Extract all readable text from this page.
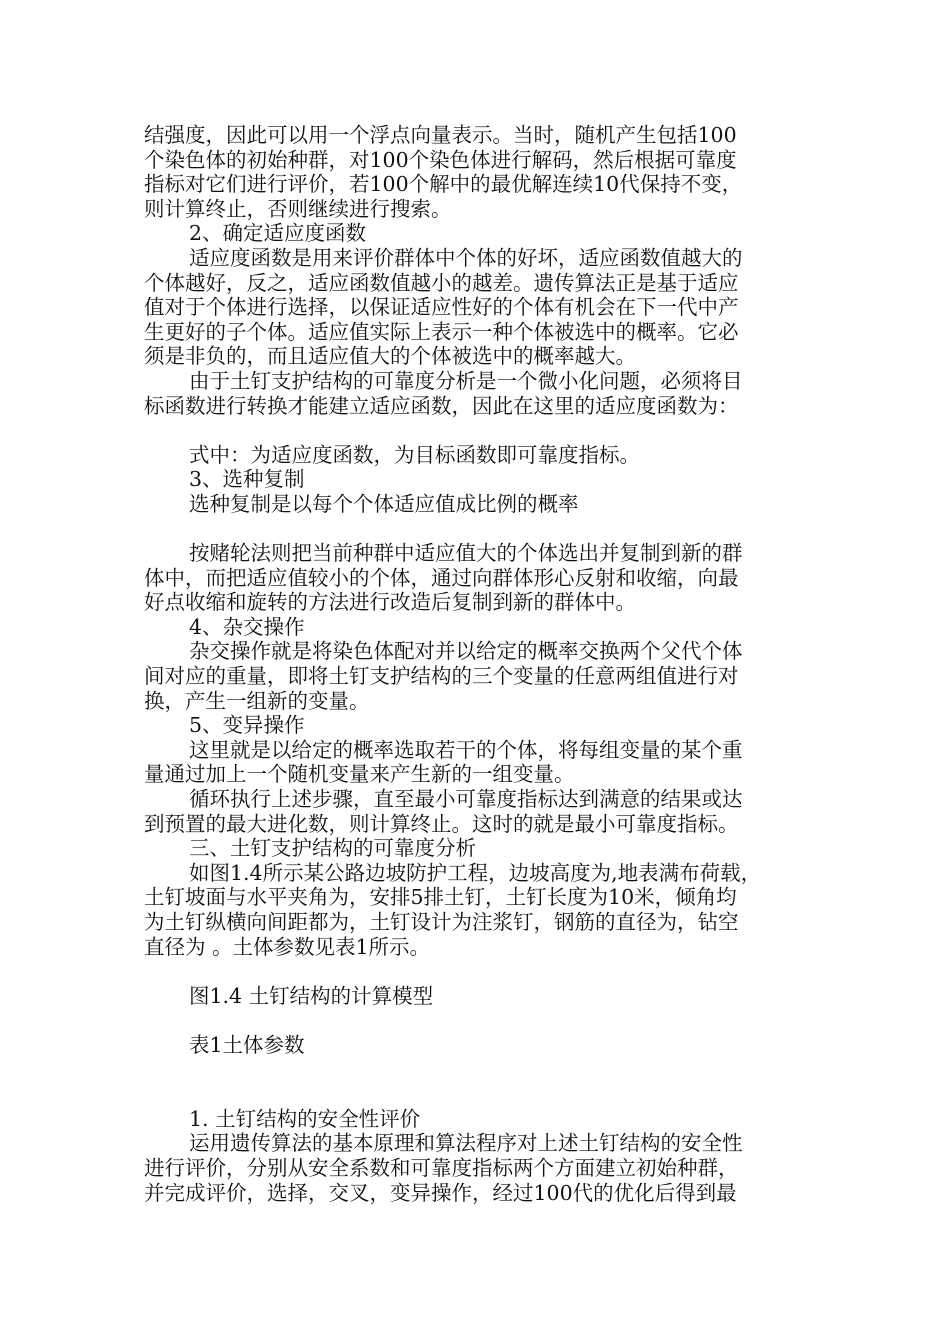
结强度，因此可以用一个浮点向量表示。当时，随机产生包括100
个染色体的初始种群，对100个染色体进行解码，然后根据可靠度
指标对它们进行评价，若100个解中的最优解连续10代保持不变，
则计算终止，否则继续进行搜索。
2、确定适应度函数
适应度函数是用来评价群体中个体的好坏，适应函数值越大的
个体越好，反之，适应函数值越小的越差。遗传算法正是基于适应
值对于个体进行选择，以保证适应性好的个体有机会在下一代中产
生更好的子个体。适应值实际上表示一种个体被选中的概率。它必
须是非负的，而且适应值大的个体被选中的概率越大。
由于土钉支护结构的可靠度分析是一个微小化问题，必须将目
标函数进行转换才能建立适应函数，因此在这里的适应度函数为：
式中：为适应度函数，为目标函数即可靠度指标。
3、选种复制
选种复制是以每个个体适应值成比例的概率
按赌轮法则把当前种群中适应值大的个体选出并复制到新的群
体中，而把适应值较小的个体，通过向群体形心反射和收缩，向最
好点收缩和旋转的方法进行改造后复制到新的群体中。
4、杂交操作
杂交操作就是将染色体配对并以给定的概率交换两个父代个体
间对应的重量，即将土钉支护结构的三个变量的任意两组值进行对
换，产生一组新的变量。
5、变异操作
这里就是以给定的概率选取若干的个体，将每组变量的某个重
量通过加上一个随机变量来产生新的一组变量。
循环执行上述步骤，直至最小可靠度指标达到满意的结果或达
到预置的最大进化数，则计算终止。这时的就是最小可靠度指标。
三、土钉支护结构的可靠度分析
如图1.4所示某公路边坡防护工程，边坡高度为,地表满布荷载，
土钉坡面与水平夹角为，安排5排土钉，土钉长度为10米，倾角均
为土钉纵横向间距都为，土钉设计为注浆钉，钢筋的直径为，钻空
直径为 。土体参数见表1所示。
图1.4 土钉结构的计算模型
表1土体参数
1. 土钉结构的安全性评价
运用遗传算法的基本原理和算法程序对上述土钉结构的安全性
进行评价，分别从安全系数和可靠度指标两个方面建立初始种群，
并完成评价，选择，交叉，变异操作，经过100代的优化后得到最
